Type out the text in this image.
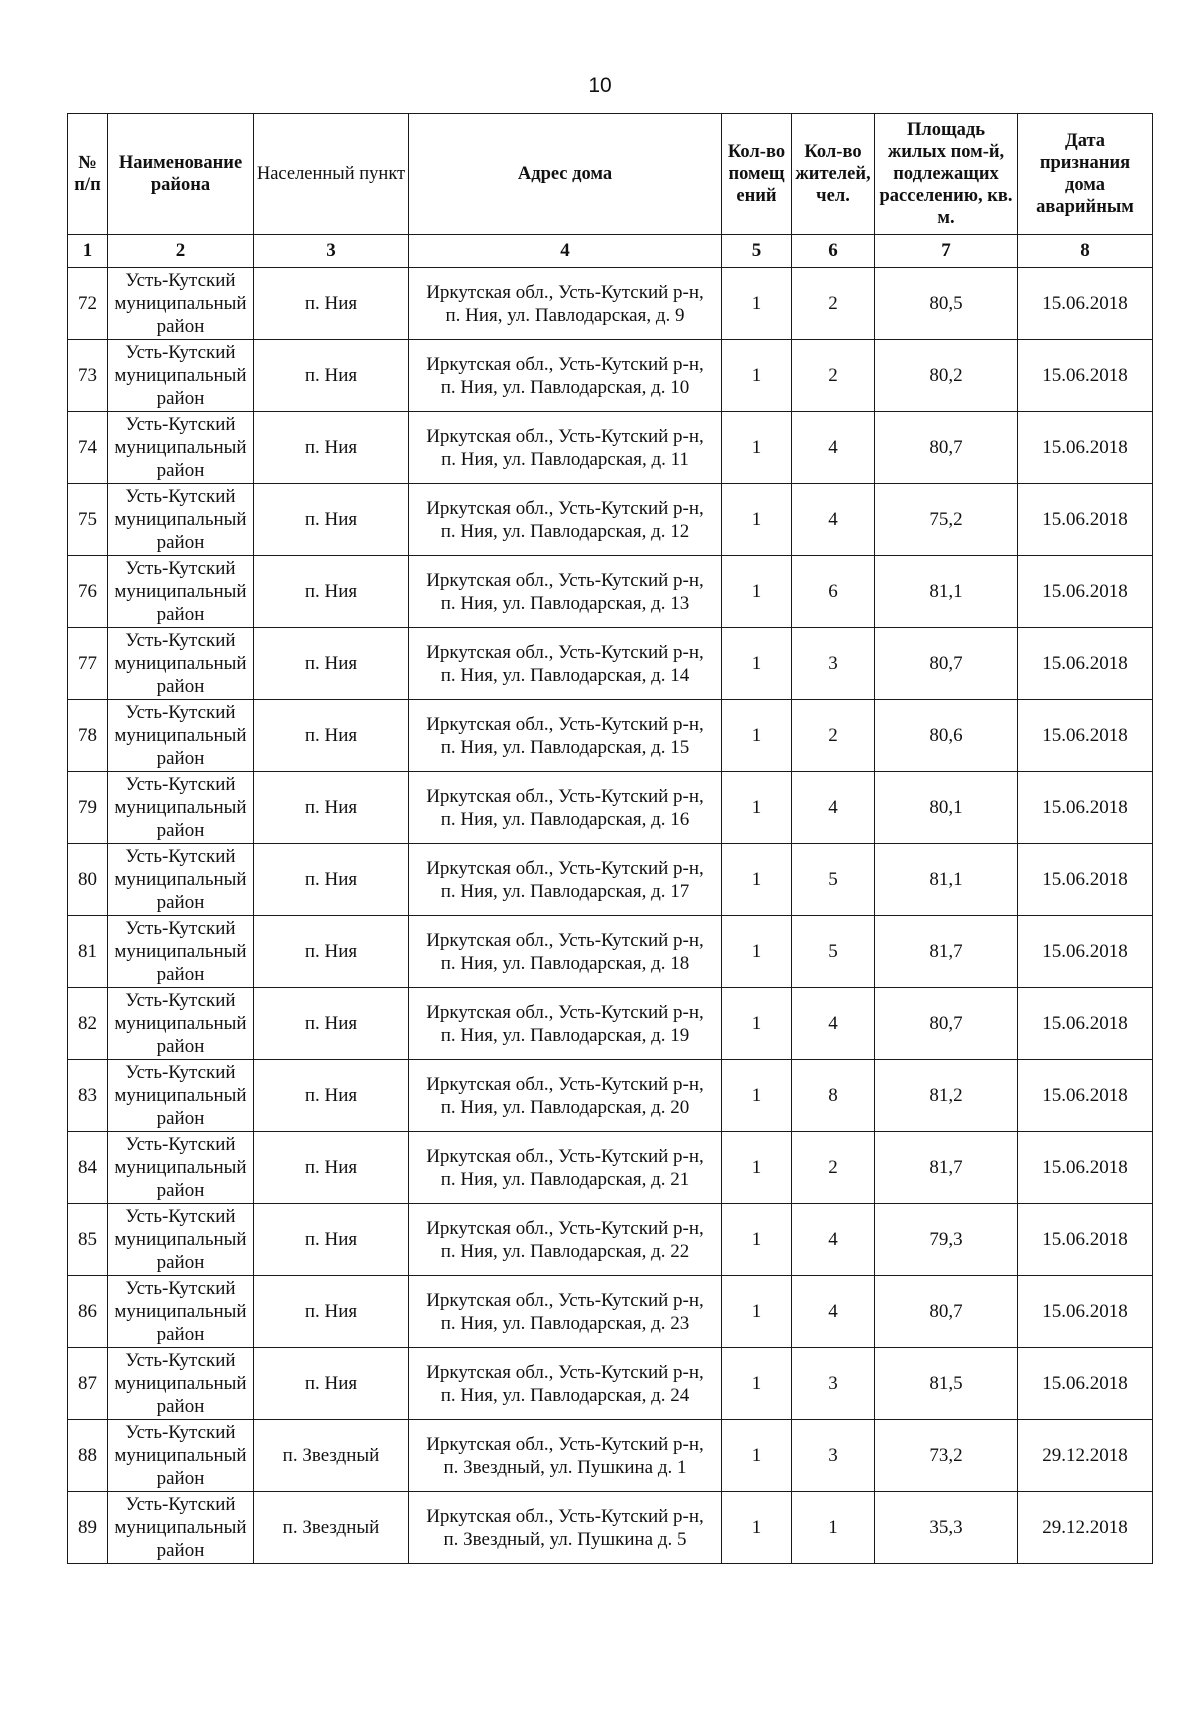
10
№ п/п	Наименование района	Населенный пункт	Адрес дома	Кол-во помещ ений	Кол-во жителей, чел.	Площадь жилых пом-й, подлежащих расселению, кв. м.	Дата признания дома аварийным
1	2	3	4	5	6	7	8
72	Усть-Кутский
муниципальный
район	п. Ния	Иркутская обл., Усть-Кутский р-н,
п. Ния, ул. Павлодарская, д. 9	1	2	80,5	15.06.2018
73	Усть-Кутский
муниципальный
район	п. Ния	Иркутская обл., Усть-Кутский р-н,
п. Ния, ул. Павлодарская, д. 10	1	2	80,2	15.06.2018
74	Усть-Кутский
муниципальный
район	п. Ния	Иркутская обл., Усть-Кутский р-н,
п. Ния, ул. Павлодарская, д. 11	1	4	80,7	15.06.2018
75	Усть-Кутский
муниципальный
район	п. Ния	Иркутская обл., Усть-Кутский р-н,
п. Ния, ул. Павлодарская, д. 12	1	4	75,2	15.06.2018
76	Усть-Кутский
муниципальный
район	п. Ния	Иркутская обл., Усть-Кутский р-н,
п. Ния, ул. Павлодарская, д. 13	1	6	81,1	15.06.2018
77	Усть-Кутский
муниципальный
район	п. Ния	Иркутская обл., Усть-Кутский р-н,
п. Ния, ул. Павлодарская, д. 14	1	3	80,7	15.06.2018
78	Усть-Кутский
муниципальный
район	п. Ния	Иркутская обл., Усть-Кутский р-н,
п. Ния, ул. Павлодарская, д. 15	1	2	80,6	15.06.2018
79	Усть-Кутский
муниципальный
район	п. Ния	Иркутская обл., Усть-Кутский р-н,
п. Ния, ул. Павлодарская, д. 16	1	4	80,1	15.06.2018
80	Усть-Кутский
муниципальный
район	п. Ния	Иркутская обл., Усть-Кутский р-н,
п. Ния, ул. Павлодарская, д. 17	1	5	81,1	15.06.2018
81	Усть-Кутский
муниципальный
район	п. Ния	Иркутская обл., Усть-Кутский р-н,
п. Ния, ул. Павлодарская, д. 18	1	5	81,7	15.06.2018
82	Усть-Кутский
муниципальный
район	п. Ния	Иркутская обл., Усть-Кутский р-н,
п. Ния, ул. Павлодарская, д. 19	1	4	80,7	15.06.2018
83	Усть-Кутский
муниципальный
район	п. Ния	Иркутская обл., Усть-Кутский р-н,
п. Ния, ул. Павлодарская, д. 20	1	8	81,2	15.06.2018
84	Усть-Кутский
муниципальный
район	п. Ния	Иркутская обл., Усть-Кутский р-н,
п. Ния, ул. Павлодарская, д. 21	1	2	81,7	15.06.2018
85	Усть-Кутский
муниципальный
район	п. Ния	Иркутская обл., Усть-Кутский р-н,
п. Ния, ул. Павлодарская, д. 22	1	4	79,3	15.06.2018
86	Усть-Кутский
муниципальный
район	п. Ния	Иркутская обл., Усть-Кутский р-н,
п. Ния, ул. Павлодарская, д. 23	1	4	80,7	15.06.2018
87	Усть-Кутский
муниципальный
район	п. Ния	Иркутская обл., Усть-Кутский р-н,
п. Ния, ул. Павлодарская, д. 24	1	3	81,5	15.06.2018
88	Усть-Кутский
муниципальный
район	п. Звездный	Иркутская обл., Усть-Кутский р-н,
п. Звездный, ул. Пушкина д. 1	1	3	73,2	29.12.2018
89	Усть-Кутский
муниципальный
район	п. Звездный	Иркутская обл., Усть-Кутский р-н,
п. Звездный, ул. Пушкина д. 5	1	1	35,3	29.12.2018
